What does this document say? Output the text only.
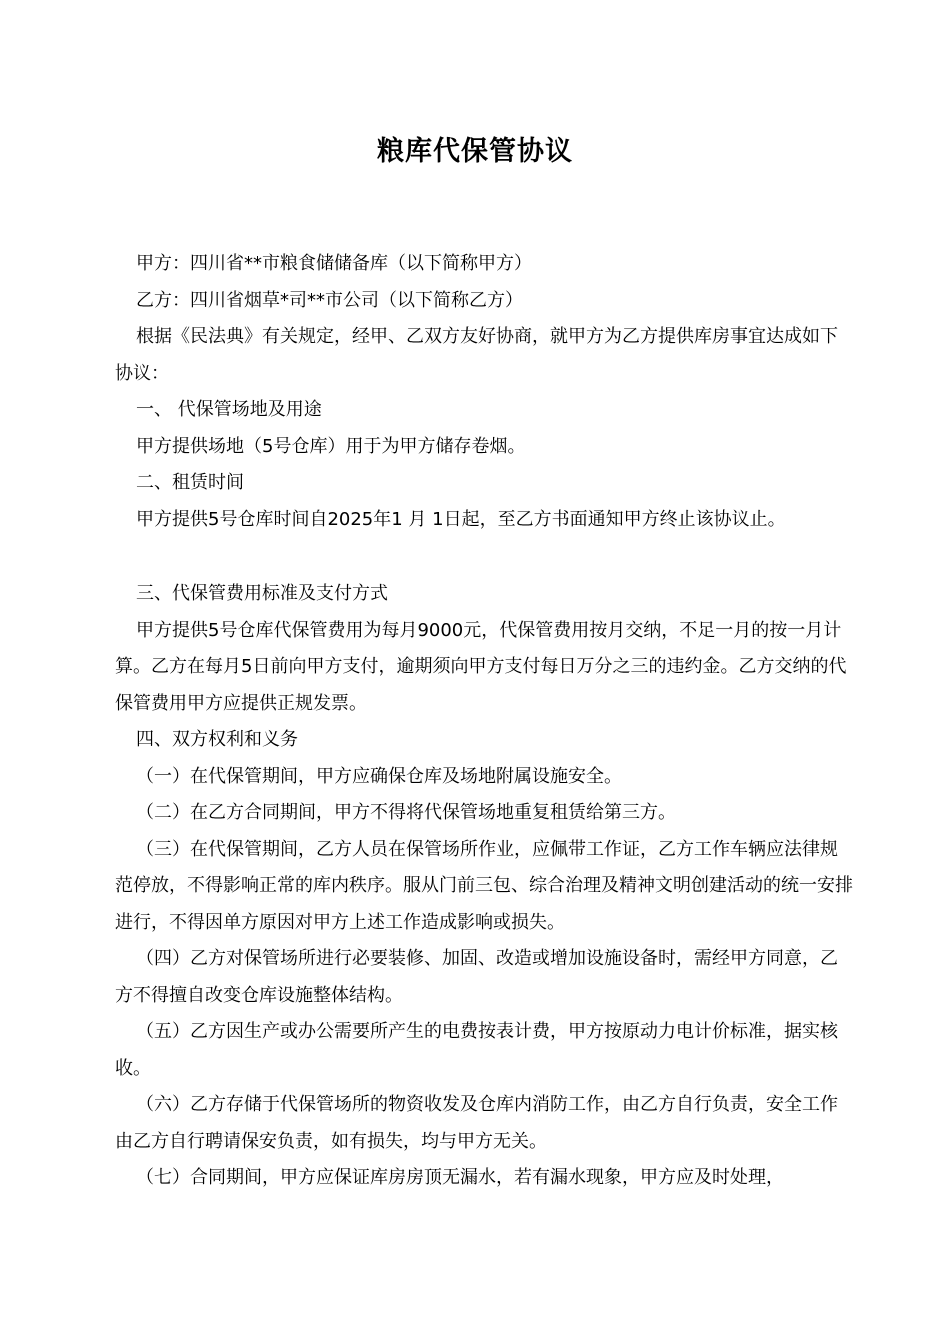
粮库代保管协议

甲方：四川省**市粮食储储备库（以下简称甲方）

乙方：四川省烟草*司**市公司（以下简称乙方）

根据《民法典》有关规定，经甲、乙双方友好协商，就甲方为乙方提供库房事宜达成如下协议：

一、 代保管场地及用途

甲方提供场地（5号仓库）用于为甲方储存卷烟。

二、租赁时间

甲方提供5号仓库时间自2025年1 月 1日起，至乙方书面通知甲方终止该协议止。

三、代保管费用标准及支付方式

甲方提供5号仓库代保管费用为每月9000元，代保管费用按月交纳，不足一月的按一月计算。乙方在每月5日前向甲方支付，逾期须向甲方支付每日万分之三的违约金。乙方交纳的代保管费用甲方应提供正规发票。

四、双方权利和义务

（一）在代保管期间，甲方应确保仓库及场地附属设施安全。

（二）在乙方合同期间，甲方不得将代保管场地重复租赁给第三方。

（三）在代保管期间，乙方人员在保管场所作业，应佩带工作证，乙方工作车辆应法律规范停放，不得影响正常的库内秩序。服从门前三包、综合治理及精神文明创建活动的统一安排进行，不得因单方原因对甲方上述工作造成影响或损失。

（四）乙方对保管场所进行必要装修、加固、改造或增加设施设备时，需经甲方同意，乙方不得擅自改变仓库设施整体结构。

（五）乙方因生产或办公需要所产生的电费按表计费，甲方按原动力电计价标准，据实核收。

（六）乙方存储于代保管场所的物资收发及仓库内消防工作，由乙方自行负责，安全工作由乙方自行聘请保安负责，如有损失，均与甲方无关。

（七）合同期间，甲方应保证库房房顶无漏水，若有漏水现象，甲方应及时处理，
